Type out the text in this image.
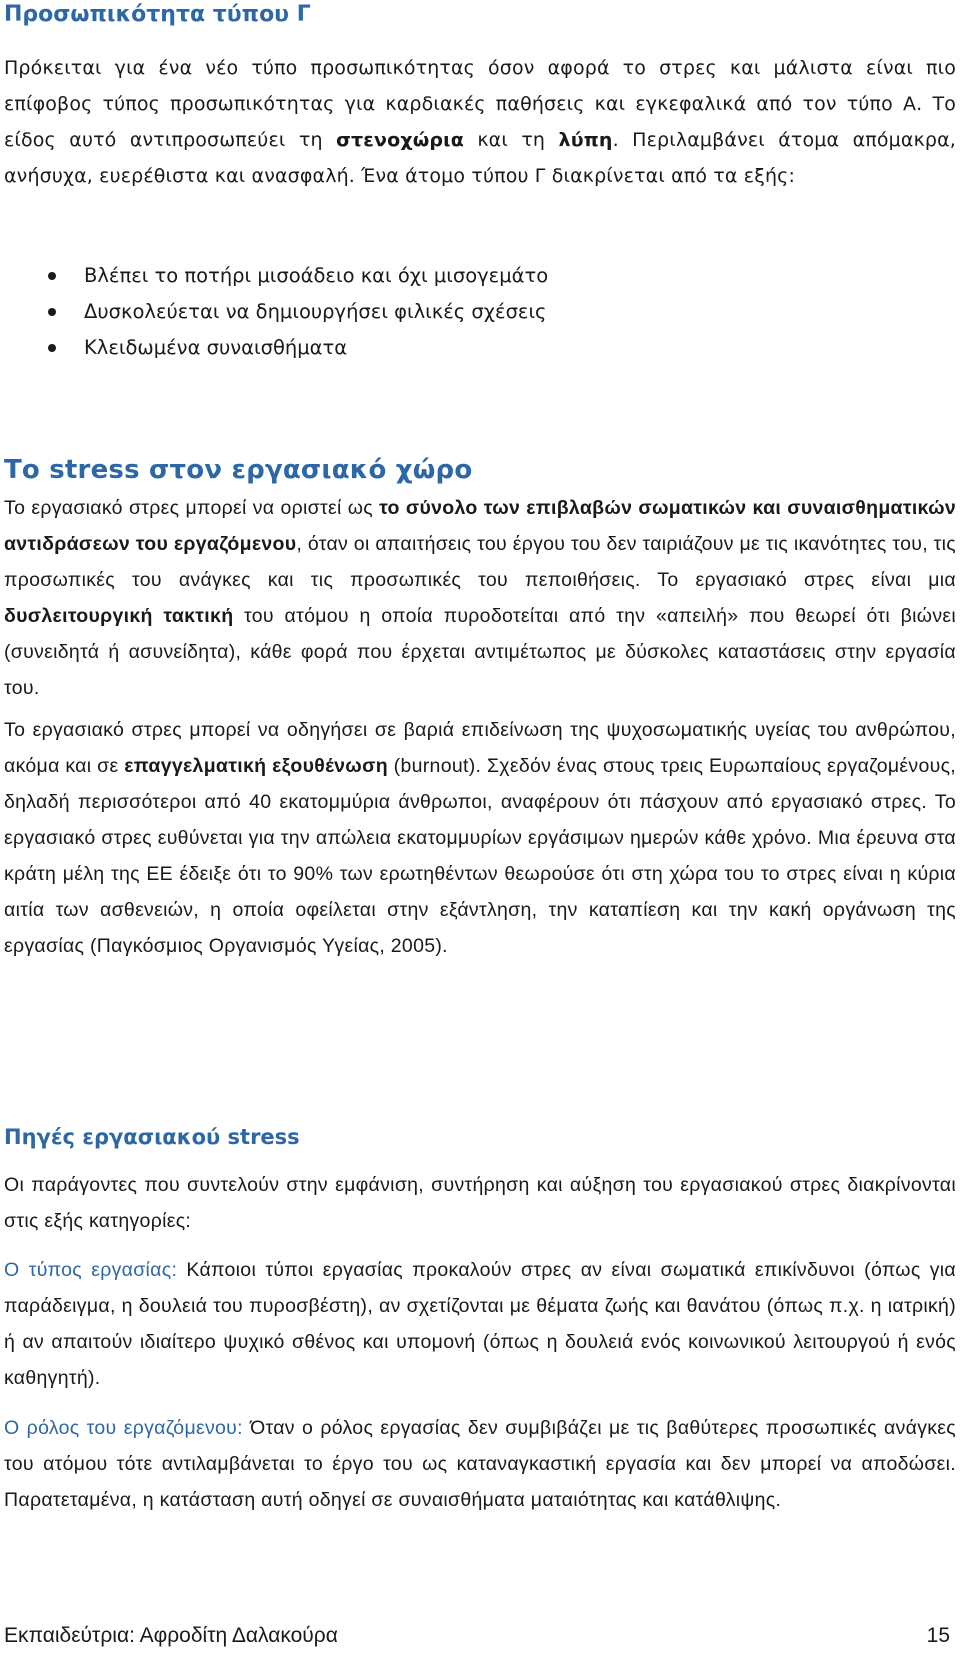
Προσωπικότητα τύπου Γ

Πρόκειται για ένα νέο τύπο προσωπικότητας όσον αφορά το στρες και μάλιστα είναι πιο επίφοβος τύπος προσωπικότητας για καρδιακές παθήσεις και εγκεφαλικά από τον τύπο Α. Το είδος αυτό αντιπροσωπεύει τη στενοχώρια και τη λύπη. Περιλαμβάνει άτομα απόμακρα, ανήσυχα, ευερέθιστα και ανασφαλή. Ένα άτομο τύπου Γ διακρίνεται από τα εξής:

Βλέπει το ποτήρι μισοάδειο και όχι μισογεμάτο
Δυσκολεύεται να δημιουργήσει φιλικές σχέσεις
Κλειδωμένα συναισθήματα
Το stress στον εργασιακό χώρο

Το εργασιακό στρες μπορεί να οριστεί ως το σύνολο των επιβλαβών σωματικών και συναισθηματικών αντιδράσεων του εργαζόμενου, όταν οι απαιτήσεις του έργου του δεν ταιριάζουν με τις ικανότητες του, τις προσωπικές του ανάγκες και τις προσωπικές του πεποιθήσεις. Το εργασιακό στρες είναι μια δυσλειτουργική τακτική του ατόμου η οποία πυροδοτείται από την «απειλή» που θεωρεί ότι βιώνει (συνειδητά ή ασυνείδητα), κάθε φορά που έρχεται αντιμέτωπος με δύσκολες καταστάσεις στην εργασία του.

Το εργασιακό στρες μπορεί να οδηγήσει σε βαριά επιδείνωση της ψυχοσωματικής υγείας του ανθρώπου, ακόμα και σε επαγγελματική εξουθένωση (burnout). Σχεδόν ένας στους τρεις Ευρωπαίους εργαζομένους, δηλαδή περισσότεροι από 40 εκατομμύρια άνθρωποι, αναφέρουν ότι πάσχουν από εργασιακό στρες. Το εργασιακό στρες ευθύνεται για την απώλεια εκατομμυρίων εργάσιμων ημερών κάθε χρόνο. Μια έρευνα στα κράτη μέλη της ΕΕ έδειξε ότι το 90% των ερωτηθέντων θεωρούσε ότι στη χώρα του το στρες είναι η κύρια αιτία των ασθενειών, η οποία οφείλεται στην εξάντληση, την καταπίεση και την κακή οργάνωση της εργασίας (Παγκόσμιος Οργανισμός Υγείας, 2005).

Πηγές εργασιακού stress

Οι παράγοντες που συντελούν στην εμφάνιση, συντήρηση και αύξηση του εργασιακού στρες διακρίνονται στις εξής κατηγορίες:

Ο τύπος εργασίας: Κάποιοι τύποι εργασίας προκαλούν στρες αν είναι σωματικά επικίνδυνοι (όπως για παράδειγμα, η δουλειά του πυροσβέστη), αν σχετίζονται με θέματα ζωής και θανάτου (όπως π.χ. η ιατρική) ή αν απαιτούν ιδιαίτερο ψυχικό σθένος και υπομονή (όπως η δουλειά ενός κοινωνικού λειτουργού ή ενός καθηγητή).

Ο ρόλος του εργαζόμενου: Όταν ο ρόλος εργασίας δεν συμβιβάζει με τις βαθύτερες προσωπικές ανάγκες του ατόμου τότε αντιλαμβάνεται το έργο του ως καταναγκαστική εργασία και δεν μπορεί να αποδώσει. Παρατεταμένα, η κατάσταση αυτή οδηγεί σε συναισθήματα ματαιότητας και κατάθλιψης.

Εκπαιδεύτρια: Αφροδίτη Δαλακούρα	15
